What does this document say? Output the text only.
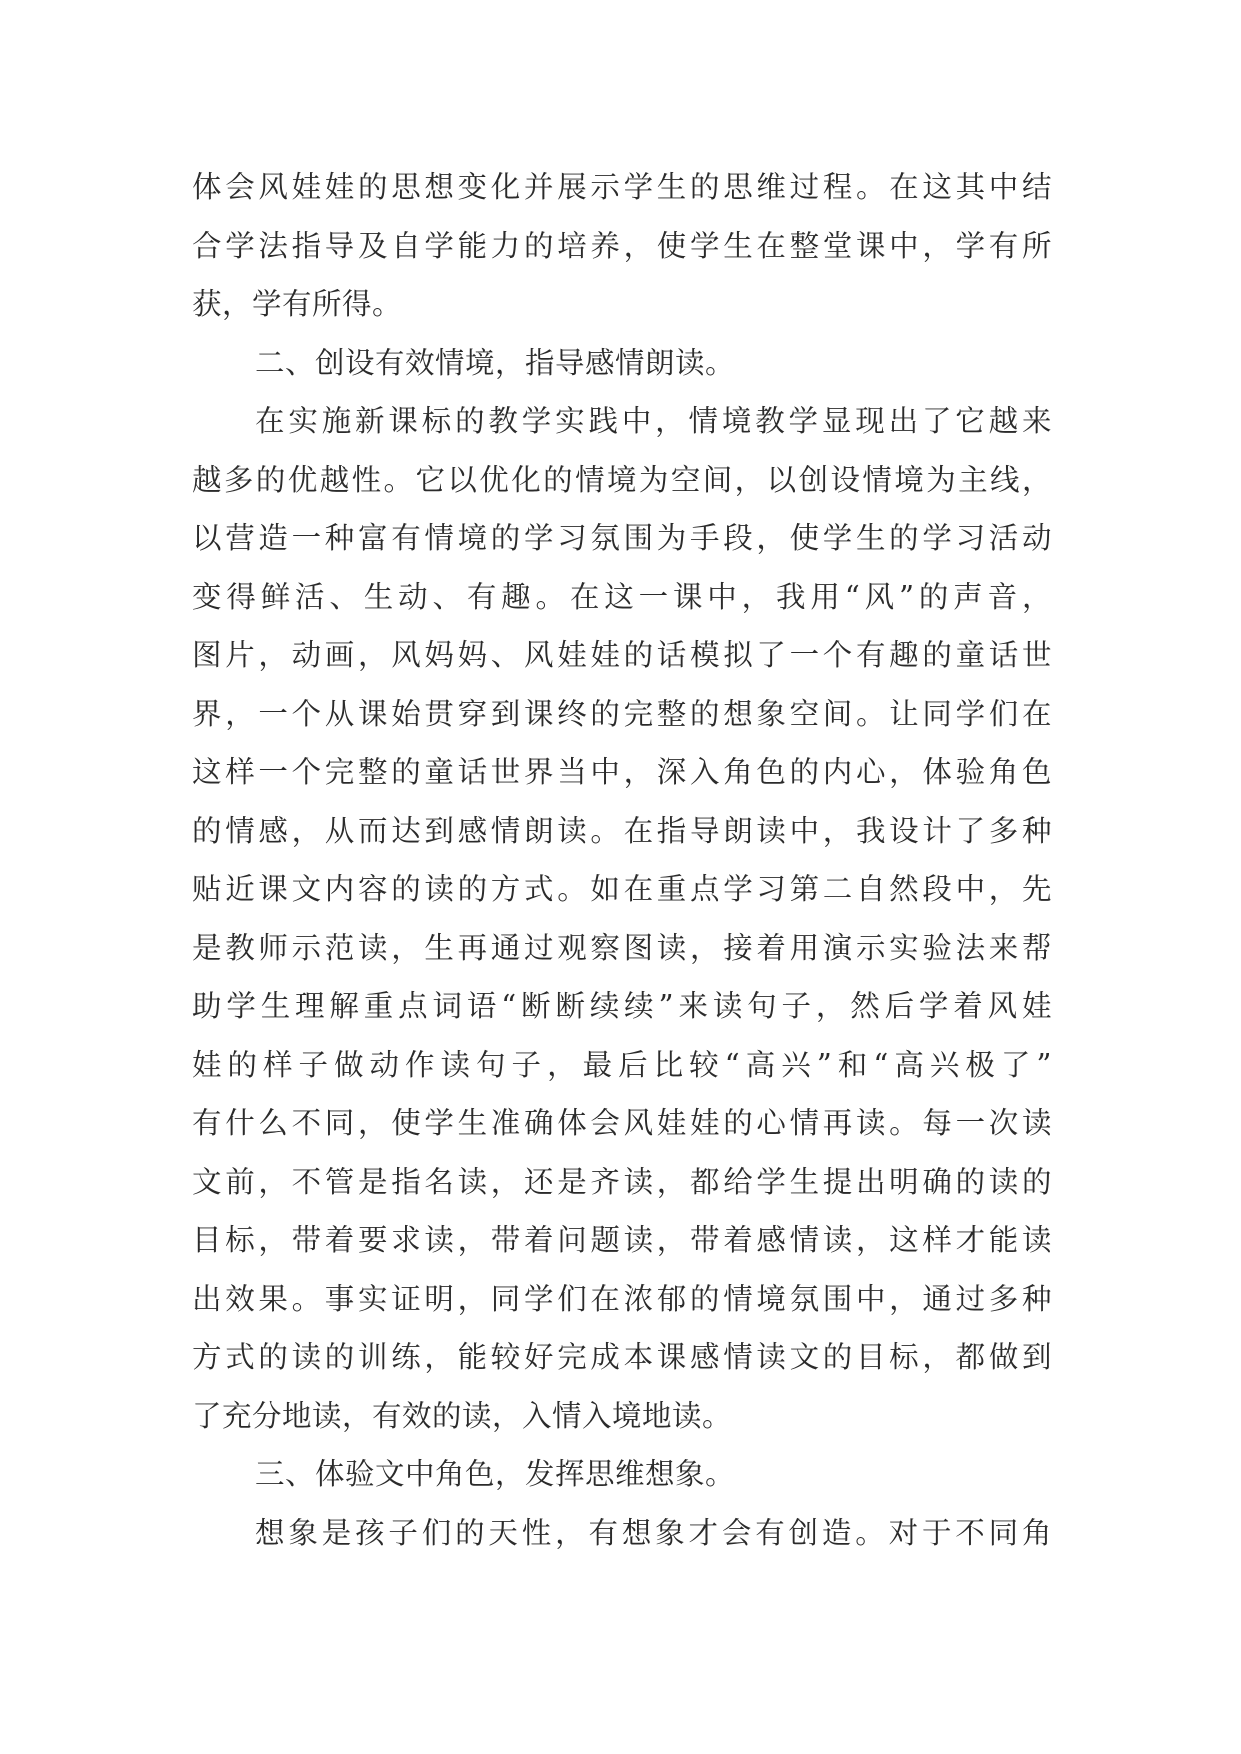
体会风娃娃的思想变化并展示学生的思维过程。在这其中结
合学法指导及自学能力的培养，使学生在整堂课中，学有所
获，学有所得。
二、创设有效情境，指导感情朗读。
在实施新课标的教学实践中，情境教学显现出了它越来
越多的优越性。它以优化的情境为空间，以创设情境为主线，
以营造一种富有情境的学习氛围为手段，使学生的学习活动
变得鲜活、生动、有趣。在这一课中，我用“风”的声音，
图片，动画，风妈妈、风娃娃的话模拟了一个有趣的童话世
界，一个从课始贯穿到课终的完整的想象空间。让同学们在
这样一个完整的童话世界当中，深入角色的内心，体验角色
的情感，从而达到感情朗读。在指导朗读中，我设计了多种
贴近课文内容的读的方式。如在重点学习第二自然段中，先
是教师示范读，生再通过观察图读，接着用演示实验法来帮
助学生理解重点词语“断断续续”来读句子，然后学着风娃
娃的样子做动作读句子，最后比较“高兴”和“高兴极了”
有什么不同，使学生准确体会风娃娃的心情再读。每一次读
文前，不管是指名读，还是齐读，都给学生提出明确的读的
目标，带着要求读，带着问题读，带着感情读，这样才能读
出效果。事实证明，同学们在浓郁的情境氛围中，通过多种
方式的读的训练，能较好完成本课感情读文的目标，都做到
了充分地读，有效的读，入情入境地读。
三、体验文中角色，发挥思维想象。
想象是孩子们的天性，有想象才会有创造。对于不同角
